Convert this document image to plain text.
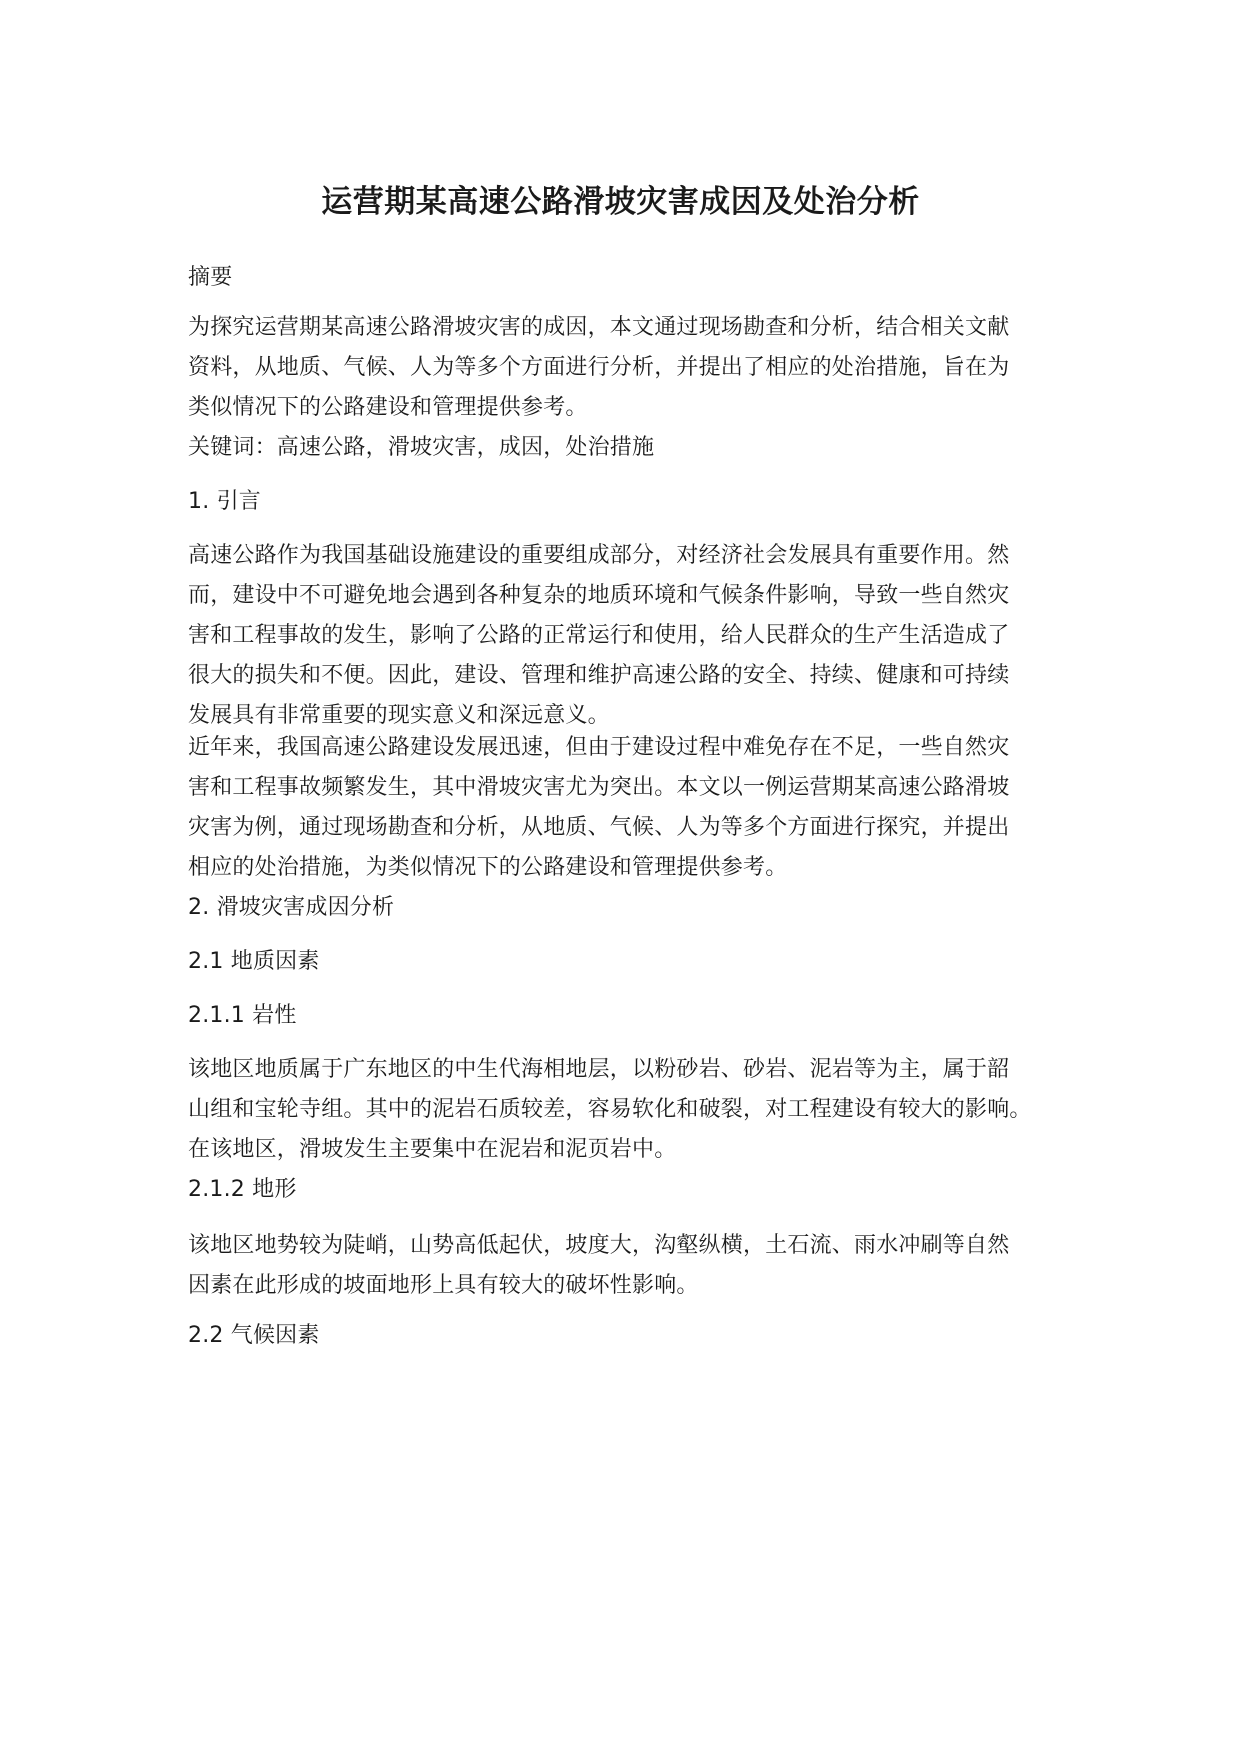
运营期某高速公路滑坡灾害成因及处治分析

摘要

为探究运营期某高速公路滑坡灾害的成因，本文通过现场勘查和分析，结合相关文献
资料，从地质、气候、人为等多个方面进行分析，并提出了相应的处治措施，旨在为
类似情况下的公路建设和管理提供参考。

关键词：高速公路，滑坡灾害，成因，处治措施

1. 引言

高速公路作为我国基础设施建设的重要组成部分，对经济社会发展具有重要作用。然
而，建设中不可避免地会遇到各种复杂的地质环境和气候条件影响，导致一些自然灾
害和工程事故的发生，影响了公路的正常运行和使用，给人民群众的生产生活造成了
很大的损失和不便。因此，建设、管理和维护高速公路的安全、持续、健康和可持续
发展具有非常重要的现实意义和深远意义。

近年来，我国高速公路建设发展迅速，但由于建设过程中难免存在不足，一些自然灾
害和工程事故频繁发生，其中滑坡灾害尤为突出。本文以一例运营期某高速公路滑坡
灾害为例，通过现场勘查和分析，从地质、气候、人为等多个方面进行探究，并提出
相应的处治措施，为类似情况下的公路建设和管理提供参考。

2. 滑坡灾害成因分析

2.1 地质因素

2.1.1 岩性

该地区地质属于广东地区的中生代海相地层，以粉砂岩、砂岩、泥岩等为主，属于韶
山组和宝轮寺组。其中的泥岩石质较差，容易软化和破裂，对工程建设有较大的影响。
在该地区，滑坡发生主要集中在泥岩和泥页岩中。

2.1.2 地形

该地区地势较为陡峭，山势高低起伏，坡度大，沟壑纵横，土石流、雨水冲刷等自然
因素在此形成的坡面地形上具有较大的破坏性影响。

2.2 气候因素
